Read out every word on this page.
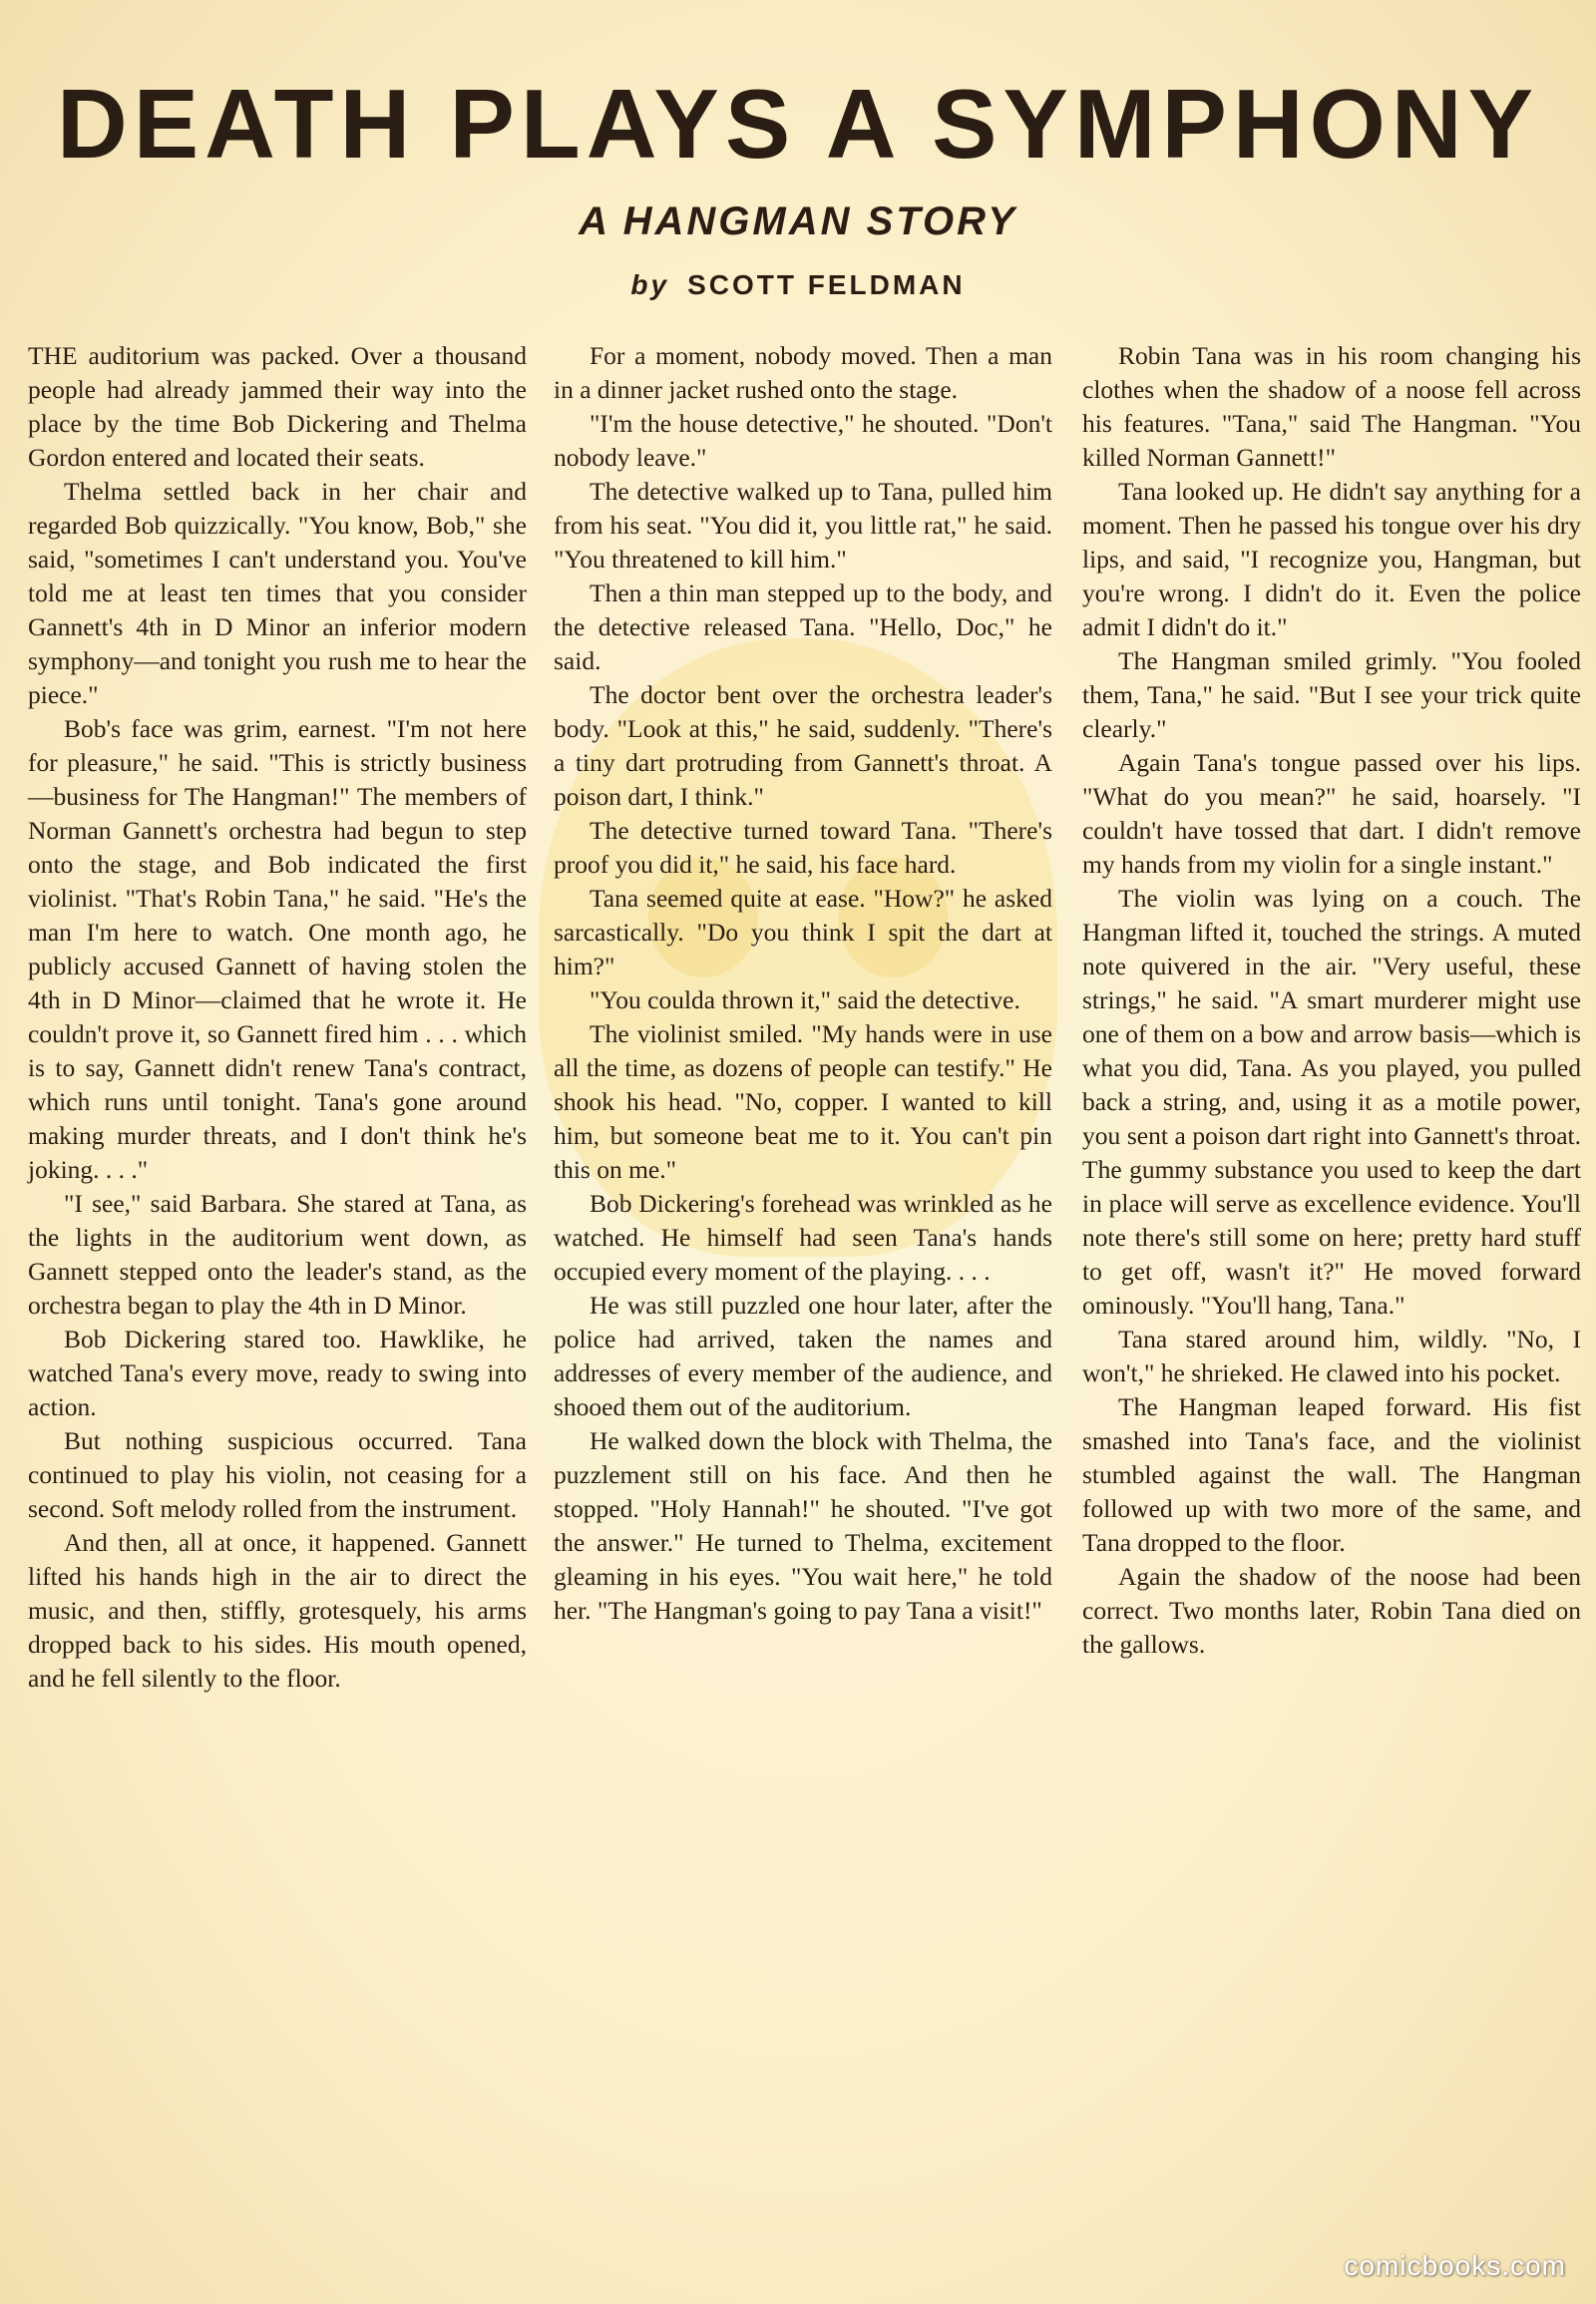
DEATH PLAYS A SYMPHONY
A HANGMAN STORY
by SCOTT FELDMAN

THE auditorium was packed. Over a thousand people had already jammed their way into the place by the time Bob Dickering and Thelma Gordon entered and located their seats.

Thelma settled back in her chair and regarded Bob quizzically. "You know, Bob," she said, "sometimes I can't understand you. You've told me at least ten times that you consider Gannett's 4th in D Minor an inferior modern symphony—and tonight you rush me to hear the piece."

Bob's face was grim, earnest. "I'm not here for pleasure," he said. "This is strictly business—business for The Hangman!" The members of Norman Gannett's orchestra had begun to step onto the stage, and Bob indicated the first violinist. "That's Robin Tana," he said. "He's the man I'm here to watch. One month ago, he publicly accused Gannett of having stolen the 4th in D Minor—claimed that he wrote it. He couldn't prove it, so Gannett fired him . . . which is to say, Gannett didn't renew Tana's contract, which runs until tonight. Tana's gone around making murder threats, and I don't think he's joking. . . ."

"I see," said Barbara. She stared at Tana, as the lights in the auditorium went down, as Gannett stepped onto the leader's stand, as the orchestra began to play the 4th in D Minor.

Bob Dickering stared too. Hawklike, he watched Tana's every move, ready to swing into action.

But nothing suspicious occurred. Tana continued to play his violin, not ceasing for a second. Soft melody rolled from the instrument.

And then, all at once, it happened. Gannett lifted his hands high in the air to direct the music, and then, stiffly, grotesquely, his arms dropped back to his sides. His mouth opened, and he fell silently to the floor.

For a moment, nobody moved. Then a man in a dinner jacket rushed onto the stage.

"I'm the house detective," he shouted. "Don't nobody leave."

The detective walked up to Tana, pulled him from his seat. "You did it, you little rat," he said. "You threatened to kill him."

Then a thin man stepped up to the body, and the detective released Tana. "Hello, Doc," he said.

The doctor bent over the orchestra leader's body. "Look at this," he said, suddenly. "There's a tiny dart protruding from Gannett's throat. A poison dart, I think."

The detective turned toward Tana. "There's proof you did it," he said, his face hard.

Tana seemed quite at ease. "How?" he asked sarcastically. "Do you think I spit the dart at him?"

"You coulda thrown it," said the detective.

The violinist smiled. "My hands were in use all the time, as dozens of people can testify." He shook his head. "No, copper. I wanted to kill him, but someone beat me to it. You can't pin this on me."

Bob Dickering's forehead was wrinkled as he watched. He himself had seen Tana's hands occupied every moment of the playing. . . .

He was still puzzled one hour later, after the police had arrived, taken the names and addresses of every member of the audience, and shooed them out of the auditorium.

He walked down the block with Thelma, the puzzlement still on his face. And then he stopped. "Holy Hannah!" he shouted. "I've got the answer." He turned to Thelma, excitement gleaming in his eyes. "You wait here," he told her. "The Hangman's going to pay Tana a visit!"

Robin Tana was in his room changing his clothes when the shadow of a noose fell across his features. "Tana," said The Hangman. "You killed Norman Gannett!"

Tana looked up. He didn't say anything for a moment. Then he passed his tongue over his dry lips, and said, "I recognize you, Hangman, but you're wrong. I didn't do it. Even the police admit I didn't do it."

The Hangman smiled grimly. "You fooled them, Tana," he said. "But I see your trick quite clearly."

Again Tana's tongue passed over his lips. "What do you mean?" he said, hoarsely. "I couldn't have tossed that dart. I didn't remove my hands from my violin for a single instant."

The violin was lying on a couch. The Hangman lifted it, touched the strings. A muted note quivered in the air. "Very useful, these strings," he said. "A smart murderer might use one of them on a bow and arrow basis—which is what you did, Tana. As you played, you pulled back a string, and, using it as a motile power, you sent a poison dart right into Gannett's throat. The gummy substance you used to keep the dart in place will serve as excellence evidence. You'll note there's still some on here; pretty hard stuff to get off, wasn't it?" He moved forward ominously. "You'll hang, Tana."

Tana stared around him, wildly. "No, I won't," he shrieked. He clawed into his pocket.

The Hangman leaped forward. His fist smashed into Tana's face, and the violinist stumbled against the wall. The Hangman followed up with two more of the same, and Tana dropped to the floor.

Again the shadow of the noose had been correct. Two months later, Robin Tana died on the gallows.

comicbooks.com
